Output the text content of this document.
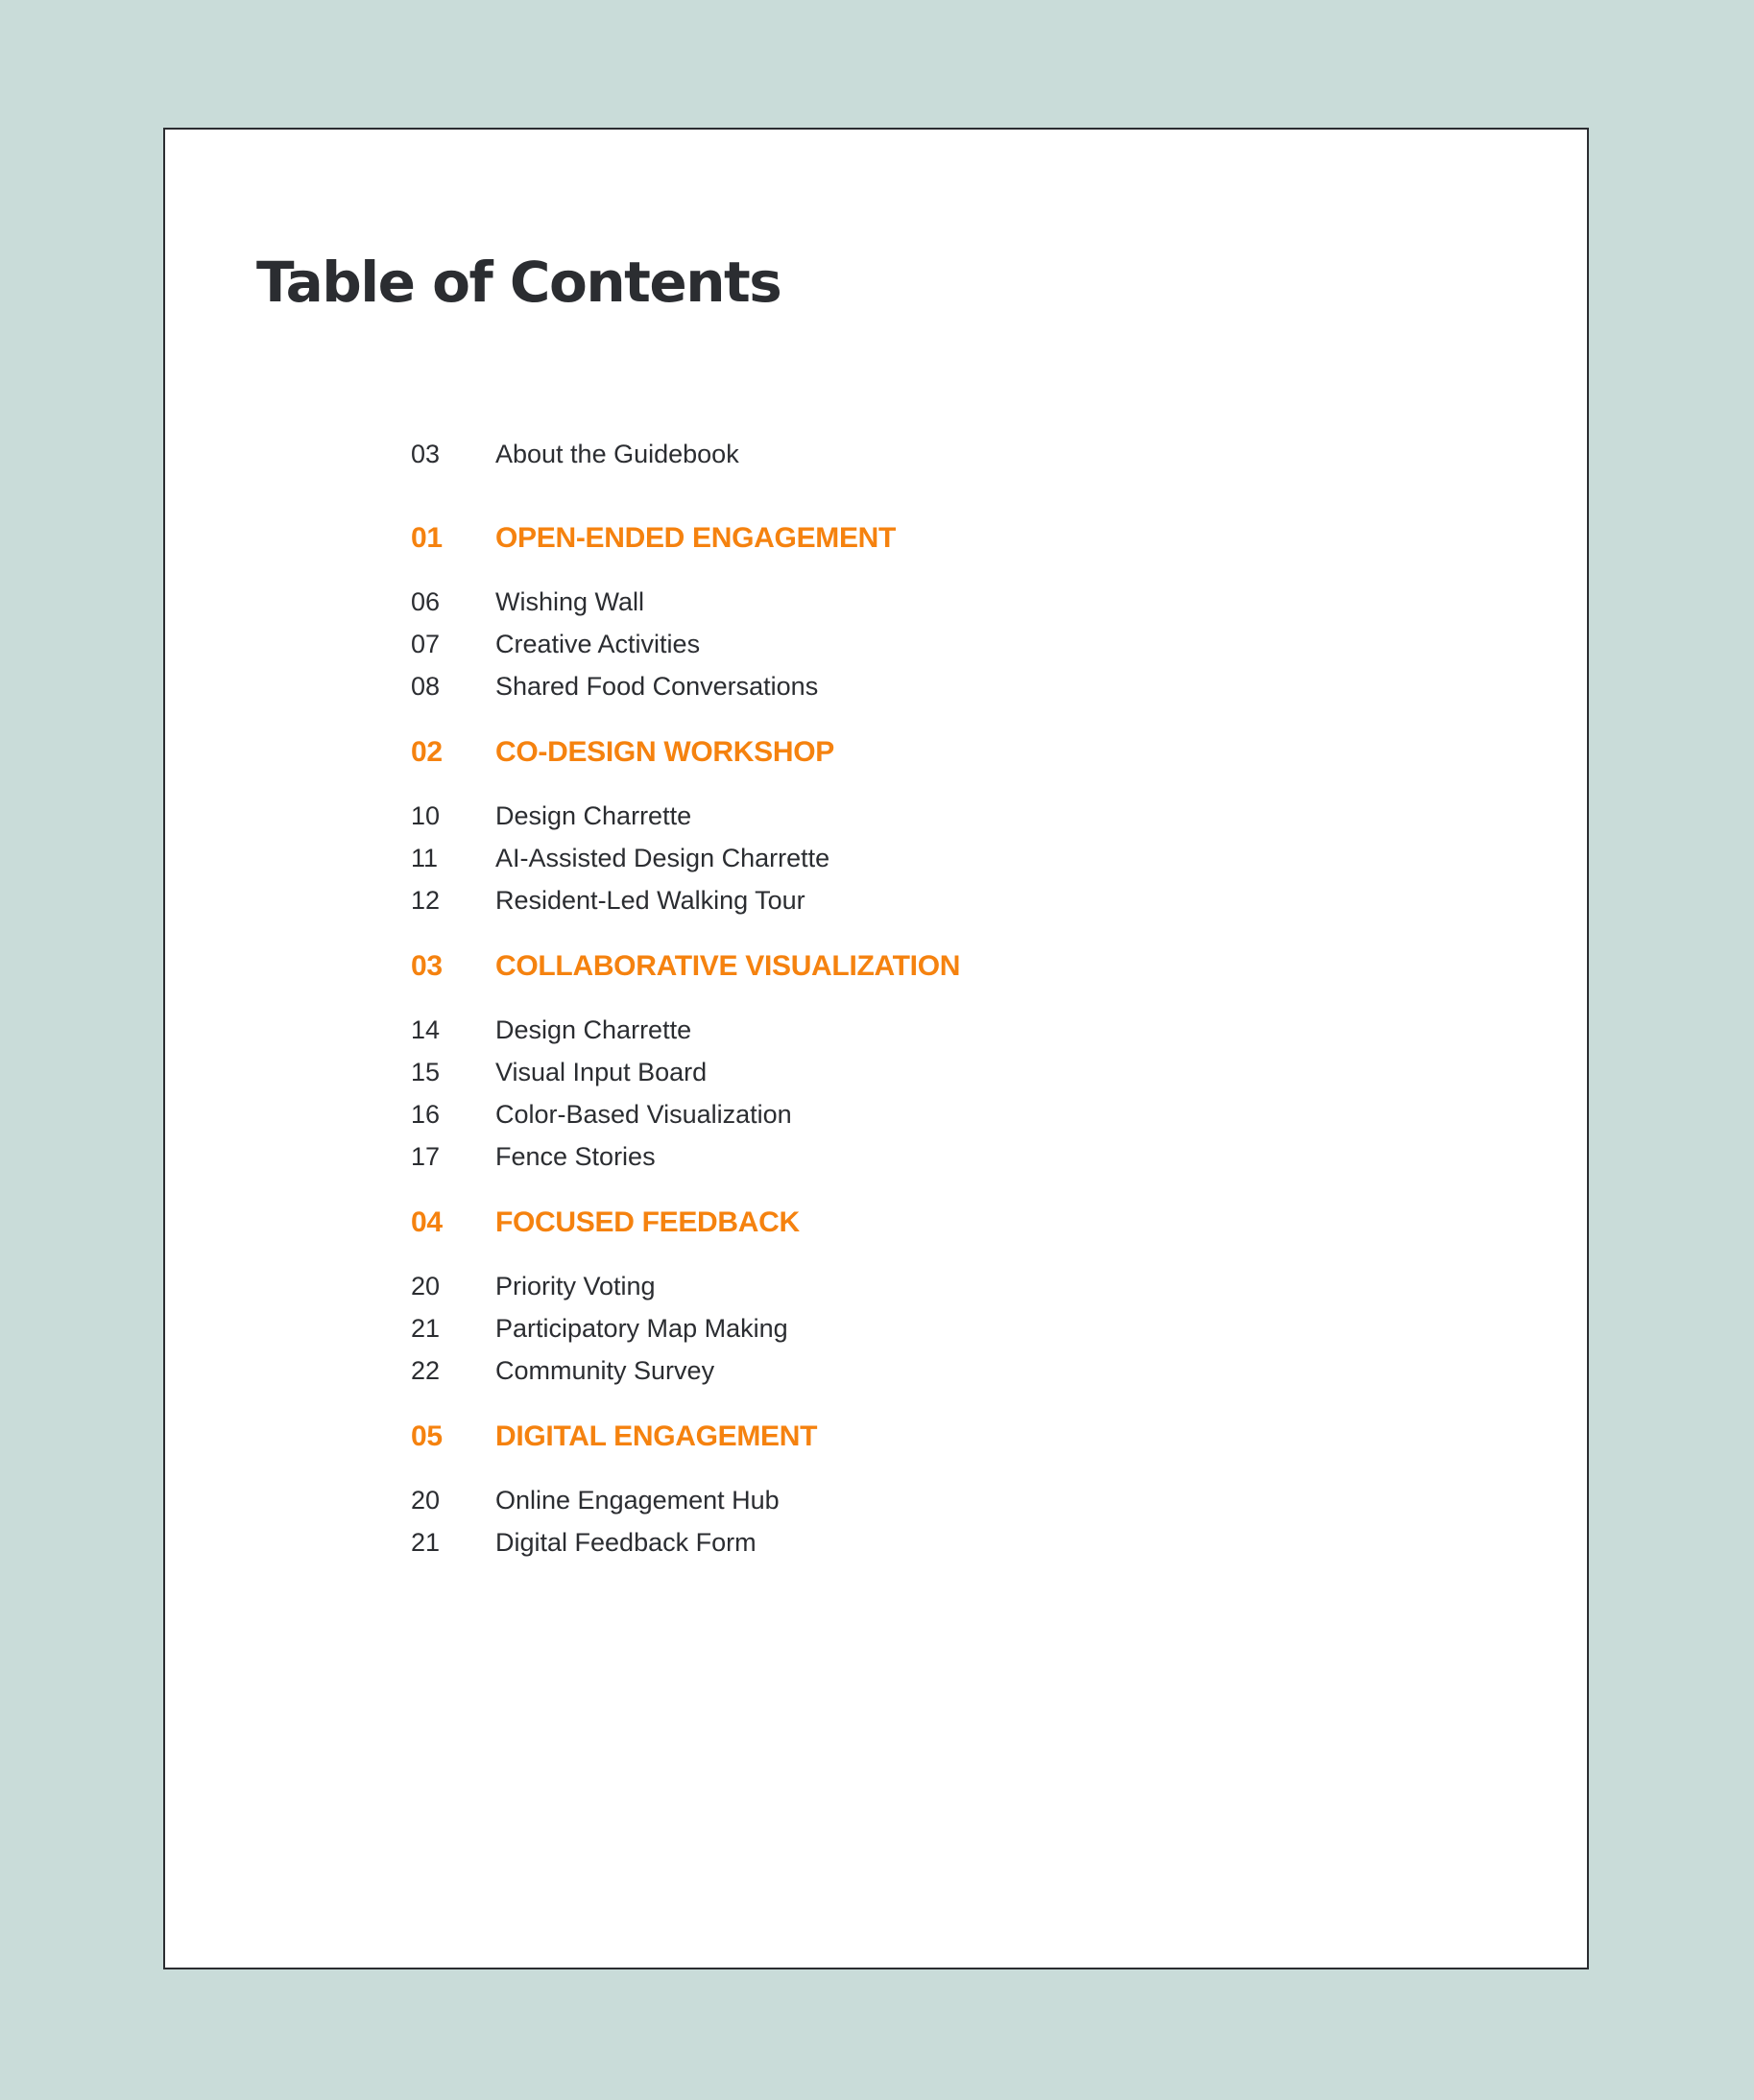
Table of Contents
03 About the Guidebook
01 OPEN-ENDED ENGAGEMENT
06 Wishing Wall
07 Creative Activities
08 Shared Food Conversations
02 CO-DESIGN WORKSHOP
10 Design Charrette
11 AI-Assisted Design Charrette
12 Resident-Led Walking Tour
03 COLLABORATIVE VISUALIZATION
14 Design Charrette
15 Visual Input Board
16 Color-Based Visualization
17 Fence Stories
04 FOCUSED FEEDBACK
20 Priority Voting
21 Participatory Map Making
22 Community Survey
05 DIGITAL ENGAGEMENT
20 Online Engagement Hub
21 Digital Feedback Form
